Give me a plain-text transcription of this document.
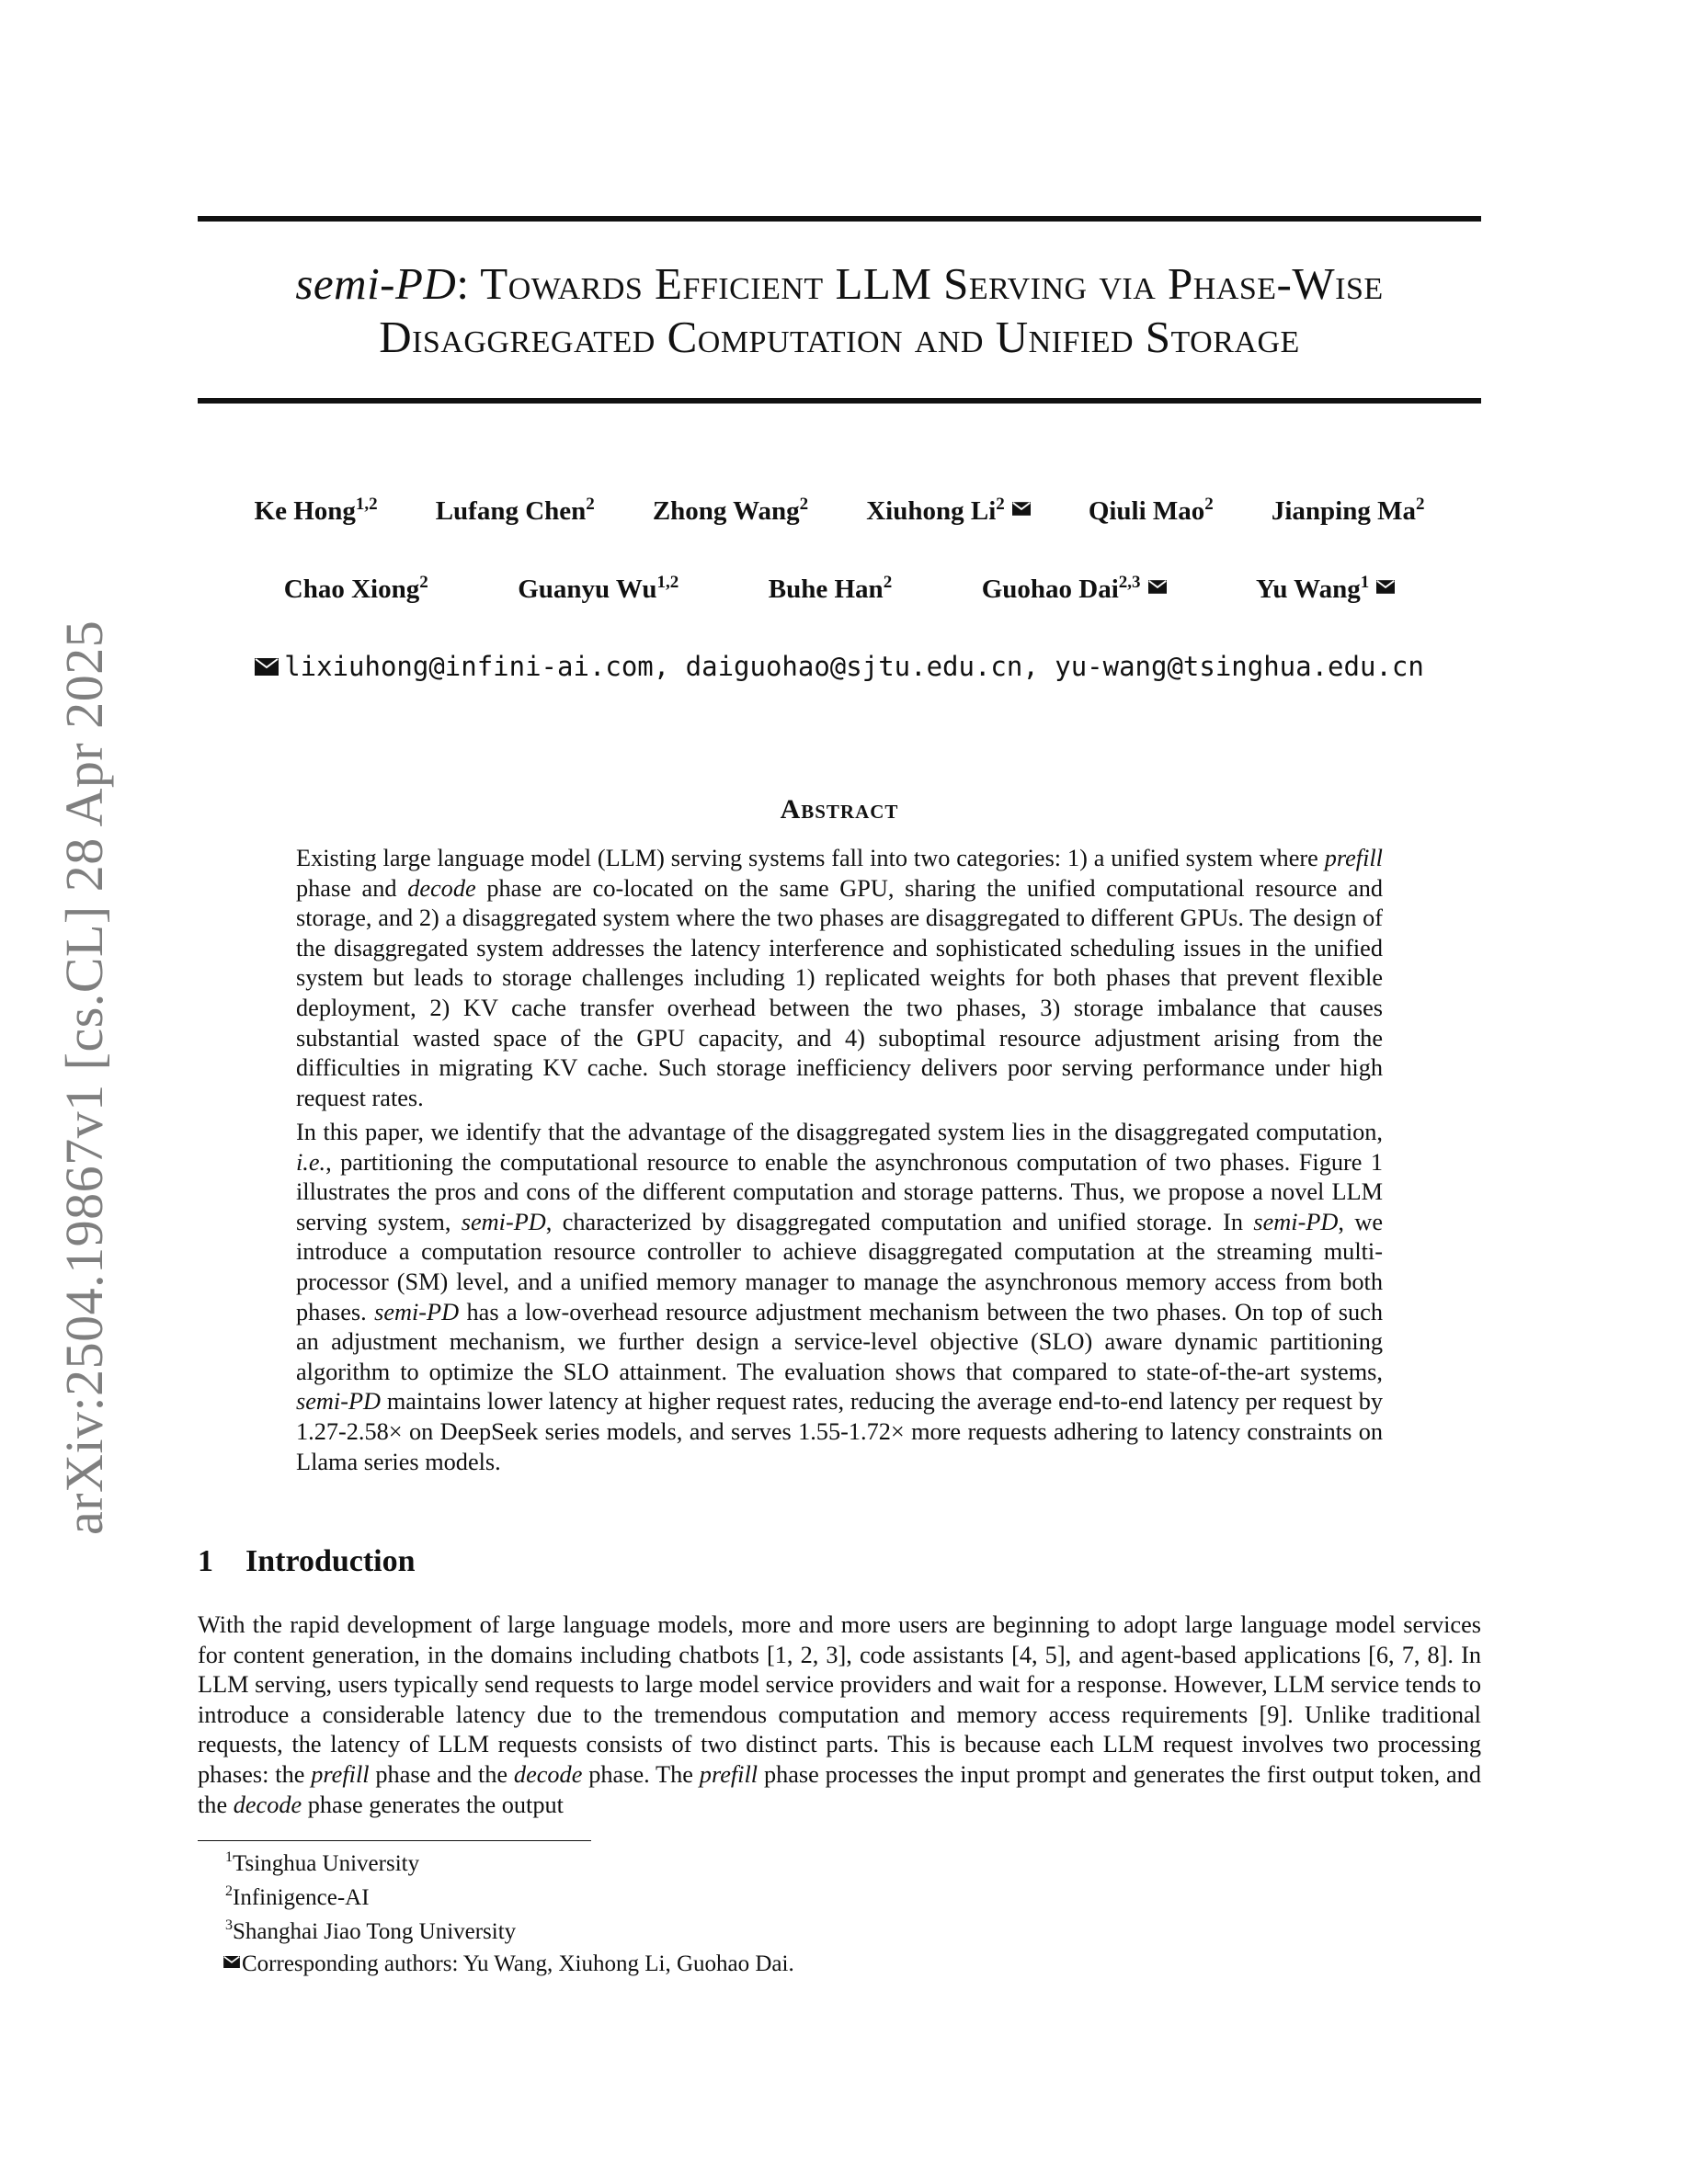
arXiv:2504.19867v1 [cs.CL] 28 Apr 2025
semi-PD: Towards Efficient LLM Serving via Phase-Wise Disaggregated Computation and Unified Storage
Ke Hong$^{1,2}$ Lufang Chen$^2$ Zhong Wang$^2$ Xiuhong Li$^2$	Qiuli Mao$^2$ Jianping Ma$^2$
Chao Xiong$^2$	Guanyu Wu$^{1,2}$	Buhe Han$^2$	Guohao Dai$^{2,3}$	Yu Wang$^1$
lixiuhong@infini-ai.com, daiguohao@sjtu.edu.cn, yu-wang@tsinghua.edu.cn
Abstract

Existing large language model (LLM) serving systems fall into two categories: 1) a unified system where prefill phase and decode phase are co-located on the same GPU, sharing the unified computational resource and storage, and 2) a disaggregated system where the two phases are disaggregated to different GPUs. The design of the disaggregated system addresses the latency interference and sophisticated scheduling issues in the unified system but leads to storage challenges including 1) replicated weights for both phases that prevent flexible deployment, 2) KV cache transfer overhead between the two phases, 3) storage imbalance that causes substantial wasted space of the GPU capacity, and 4) suboptimal resource adjustment arising from the difficulties in migrating KV cache. Such storage inefficiency delivers poor serving performance under high request rates.

In this paper, we identify that the advantage of the disaggregated system lies in the disaggregated computation, i.e., partitioning the computational resource to enable the asynchronous computation of two phases. Figure 1 illustrates the pros and cons of the different computation and storage patterns. Thus, we propose a novel LLM serving system, semi-PD, characterized by disaggregated computation and unified storage. In semi-PD, we introduce a computation resource controller to achieve disaggregated computation at the streaming multi-processor (SM) level, and a unified memory manager to manage the asynchronous memory access from both phases. semi-PD has a low-overhead resource adjustment mechanism between the two phases. On top of such an adjustment mechanism, we further design a service-level objective (SLO) aware dynamic partitioning algorithm to optimize the SLO attainment. The evaluation shows that compared to state-of-the-art systems, semi-PD maintains lower latency at higher request rates, reducing the average end-to-end latency per request by 1.27-2.58× on DeepSeek series models, and serves 1.55-1.72× more requests adhering to latency constraints on Llama series models.

1 Introduction

With the rapid development of large language models, more and more users are beginning to adopt large language model services for content generation, in the domains including chatbots [1, 2, 3], code assistants [4, 5], and agent-based applications [6, 7, 8]. In LLM serving, users typically send requests to large model service providers and wait for a response. However, LLM service tends to introduce a considerable latency due to the tremendous computation and memory access requirements [9]. Unlike traditional requests, the latency of LLM requests consists of two distinct parts. This is because each LLM request involves two processing phases: the prefill phase and the decode phase. The prefill phase processes the input prompt and generates the first output token, and the decode phase generates the output

$^1$Tsinghua University
$^2$Infinigence-AI
$^3$Shanghai Jiao Tong University
Corresponding authors: Yu Wang, Xiuhong Li, Guohao Dai.
